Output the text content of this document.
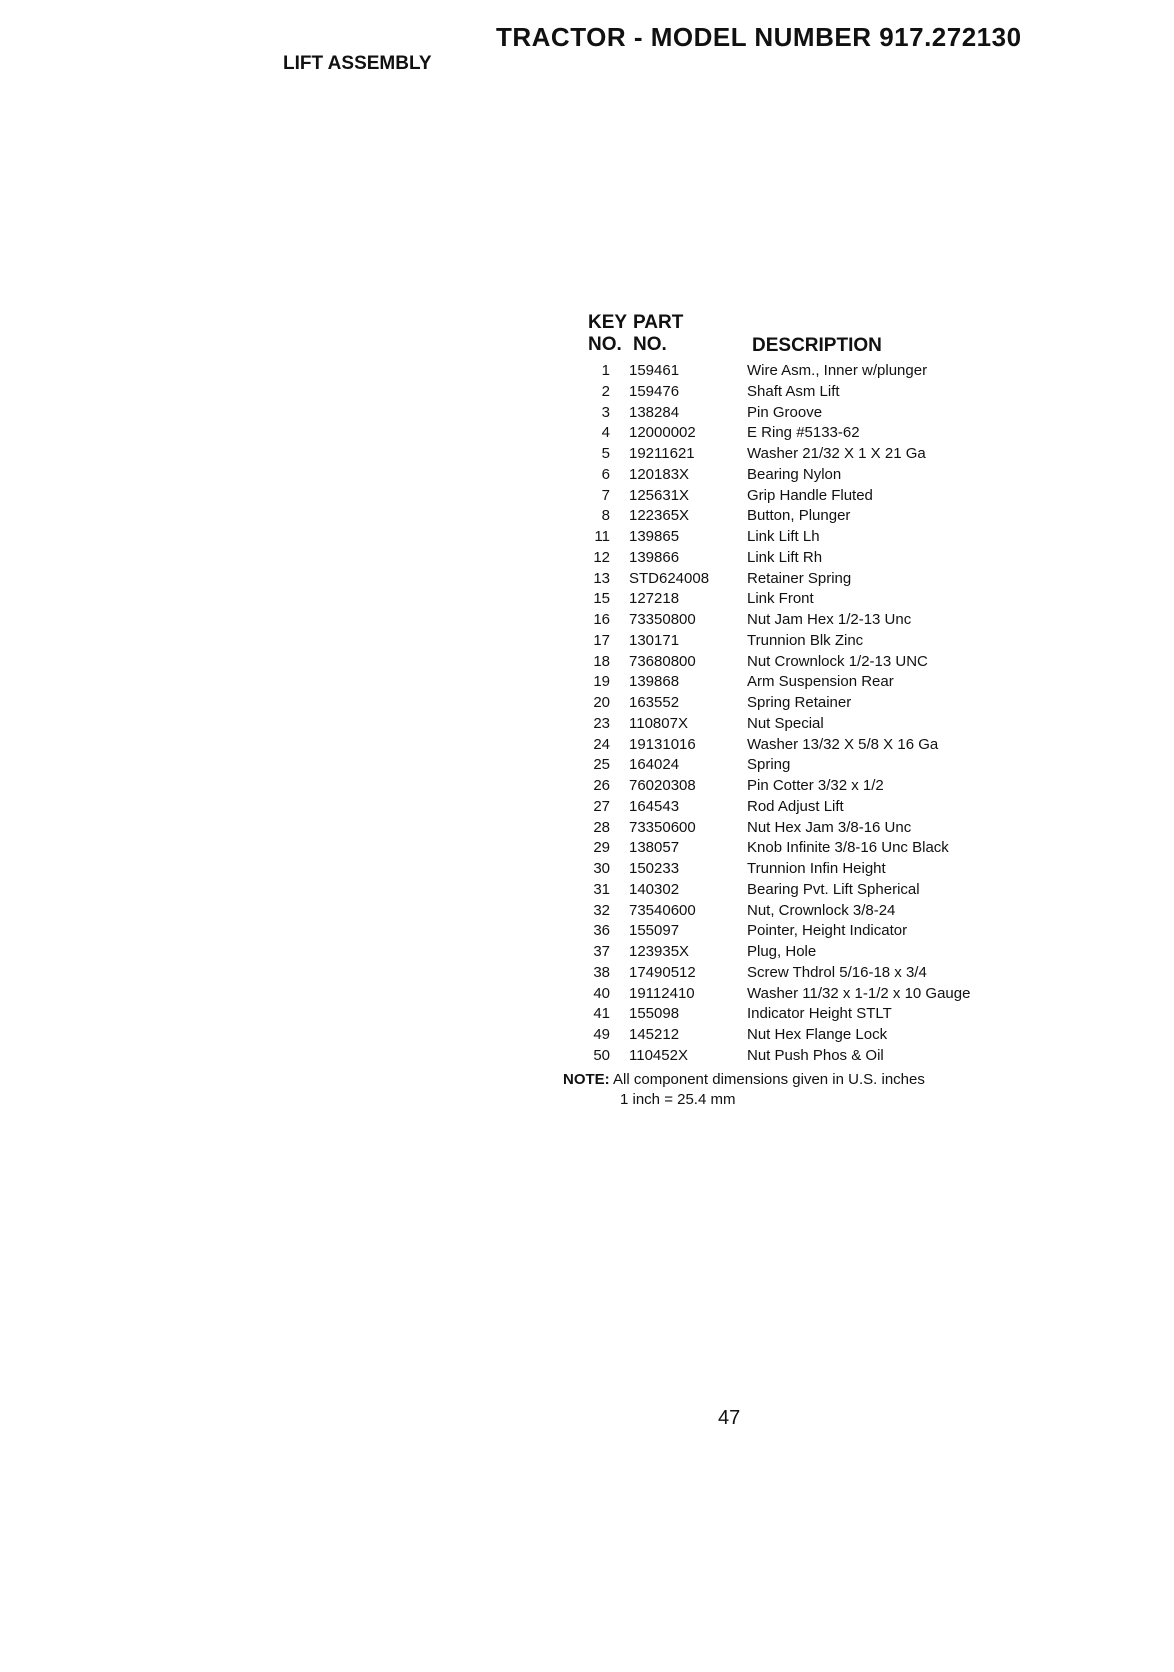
TRACTOR - MODEL NUMBER 917.272130
LIFT ASSEMBLY
KEY
NO.
PART
NO.	DESCRIPTION
1 159461	Wire Asm., Inner w/plunger
2 159476	Shaft Asm Lift
3 138284	Pin Groove
4 12000002	E Ring #5133-62
5 19211621	Washer 21/32 X 1 X 21 Ga
6 120183X	Bearing Nylon
7 125631X	Grip Handle Fluted
8 122365X	Button, Plunger
11 139865	Link Lift Lh
12 139866	Link Lift Rh
13 STD624008	Retainer Spring
15 127218	Link Front
16 73350800	Nut Jam Hex 1/2-13 Unc
17 130171	Trunnion Blk Zinc
18 73680800	Nut Crownlock 1/2-13 UNC
19 139868	Arm Suspension Rear
20 163552	Spring Retainer
23 110807X	Nut Special
24 19131016	Washer 13/32 X 5/8 X 16 Ga
25 164024	Spring
26 76020308	Pin Cotter 3/32 x 1/2
27 164543	Rod Adjust Lift
28 73350600	Nut Hex Jam 3/8-16 Unc
29 138057	Knob Infinite 3/8-16 Unc Black
30 150233	Trunnion Infin Height
31 140302	Bearing Pvt. Lift Spherical
32 73540600	Nut, Crownlock 3/8-24
36 155097	Pointer, Height Indicator
37 123935X	Plug, Hole
38 17490512	Screw Thdrol 5/16-18 x 3/4
40 19112410	Washer 11/32 x 1-1/2 x 10 Gauge
41 155098	Indicator Height STLT
49 145212	Nut Hex Flange Lock
50 110452X	Nut Push Phos & Oil
NOTE: All component dimensions given in U.S. inches
1 inch = 25.4 mm
47
